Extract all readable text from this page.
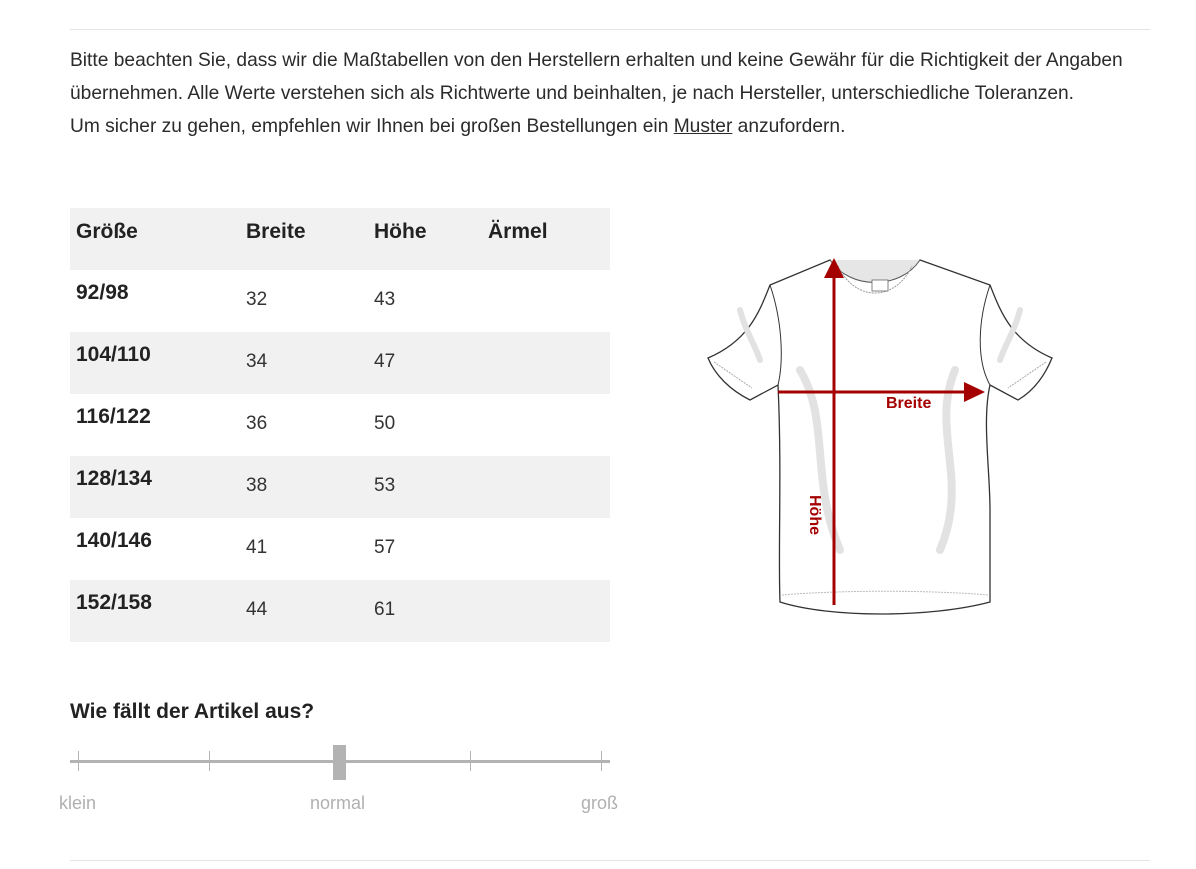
Bitte beachten Sie, dass wir die Maßtabellen von den Herstellern erhalten und keine Gewähr für die Richtigkeit der Angaben übernehmen. Alle Werte verstehen sich als Richtwerte und beinhalten, je nach Hersteller, unterschiedliche Toleranzen.

Um sicher zu gehen, empfehlen wir Ihnen bei großen Bestellungen ein Muster anzufordern.

Größe	Breite	Höhe	Ärmel
92/98	32	43	
104/110	34	47	
116/122	36	50	
128/134	38	53	
140/146	41	57	
152/158	44	61	
Breite
Höhe
Wie fällt der Artikel aus?
klein	normal	groß
